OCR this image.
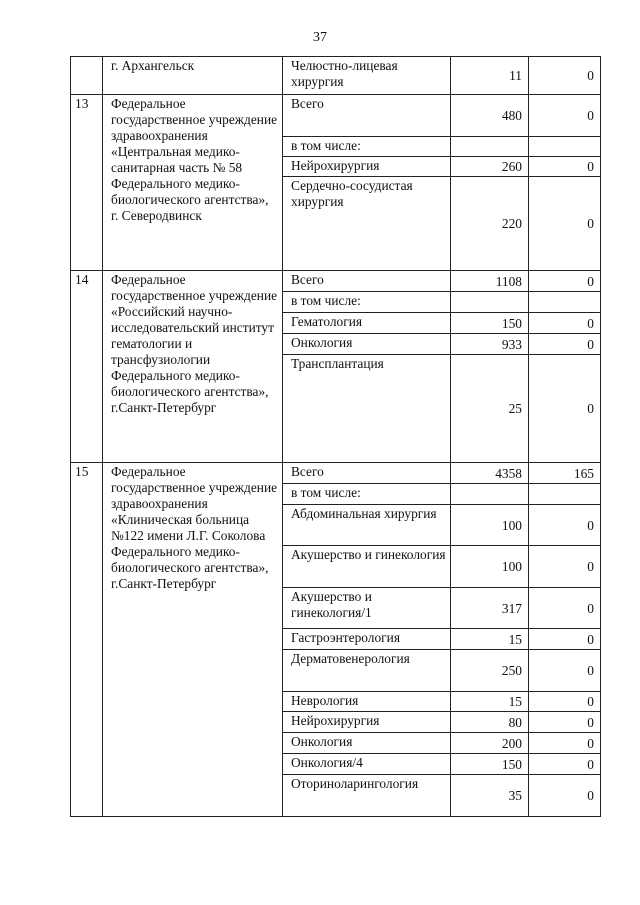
37
	г. Архангельск	Челюстно-лицевая хирургия	11	0
13	Федеральное государственное учреждение здравоохранения «Центральная медико-санитарная часть № 58 Федерального медико-биологического агентства», г. Северодвинск	Всего	480	0
		в том числе:		
		Нейрохирургия	260	0
		Сердечно-сосудистая хирургия	220	0
14	Федеральное государственное учреждение «Российский научно-исследовательский институт гематологии и трансфузиологии Федерального медико-биологического агентства», г.Санкт-Петербург	Всего	1108	0
		в том числе:		
		Гематология	150	0
		Онкология	933	0
		Трансплантация	25	0
15	Федеральное государственное учреждение здравоохранения «Клиническая больница №122 имени Л.Г. Соколова Федерального медико-биологического агентства», г.Санкт-Петербург	Всего	4358	165
		в том числе:		
		Абдоминальная хирургия	100	0
		Акушерство и гинекология	100	0
		Акушерство и гинекология/1	317	0
		Гастроэнтерология	15	0
		Дерматовенерология	250	0
		Неврология	15	0
		Нейрохирургия	80	0
		Онкология	200	0
		Онкология/4	150	0
		Оториноларингология	35	0
